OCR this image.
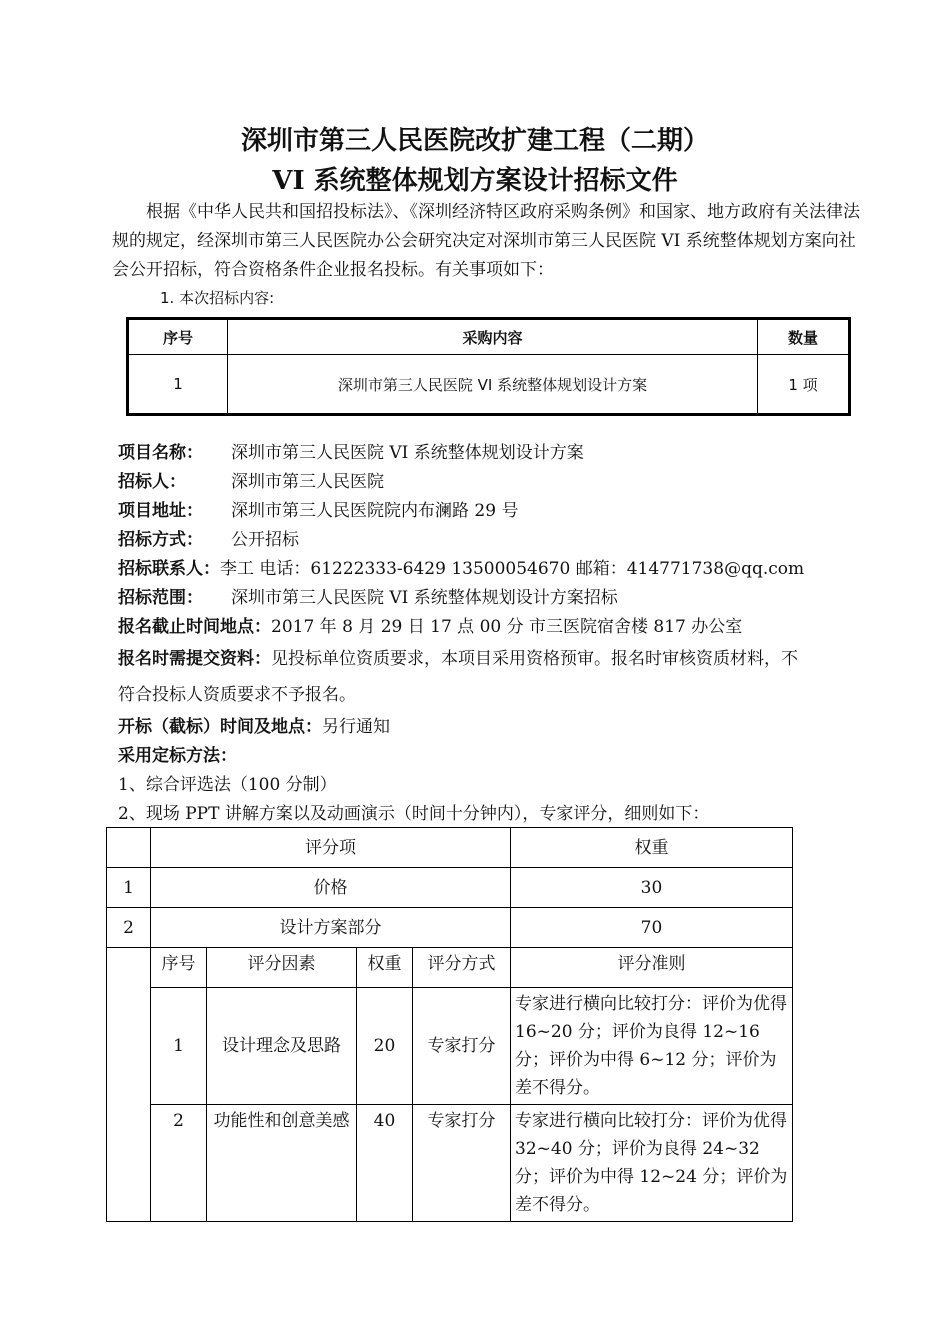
深圳市第三人民医院改扩建工程（二期）
VI 系统整体规划方案设计招标文件
根据《中华人民共和国招投标法》、《深圳经济特区政府采购条例》和国家、地方政府有关法律法规的规定，经深圳市第三人民医院办公会研究决定对深圳市第三人民医院 VI 系统整体规划方案向社会公开招标，符合资格条件企业报名投标。有关事项如下：
1. 本次招标内容:
序号	采购内容	数量
1	深圳市第三人民医院 VI 系统整体规划设计方案	1 项
项目名称： 深圳市第三人民医院 VI 系统整体规划设计方案
招标人：	深圳市第三人民医院
项目地址： 深圳市第三人民医院院内布澜路 29 号
招标方式： 公开招标
招标联系人：李工 电话：61222333-6429 13500054670 邮箱：414771738@qq.com
招标范围： 深圳市第三人民医院 VI 系统整体规划设计方案招标
报名截止时间地点：2017 年 8 月 29 日 17 点 00 分 市三医院宿舍楼 817 办公室
报名时需提交资料：见投标单位资质要求，本项目采用资格预审。报名时审核资质材料，不
符合投标人资质要求不予报名。
开标（截标）时间及地点：另行通知
采用定标方法：
1、综合评选法（100 分制）
2、现场 PPT 讲解方案以及动画演示（时间十分钟内），专家评分，细则如下：
	评分项				权重
1	价格				30
2	设计方案部分				70
	序号	评分因素	权重	评分方式	评分准则
	1	设计理念及思路	20	专家打分	专家进行横向比较打分：评价为优得 16~20 分；评价为良得 12~16 分；评价为中得 6~12 分；评价为差不得分。
	2	功能性和创意美感	40	专家打分	专家进行横向比较打分：评价为优得 32~40 分；评价为良得 24~32 分；评价为中得 12~24 分；评价为差不得分。
